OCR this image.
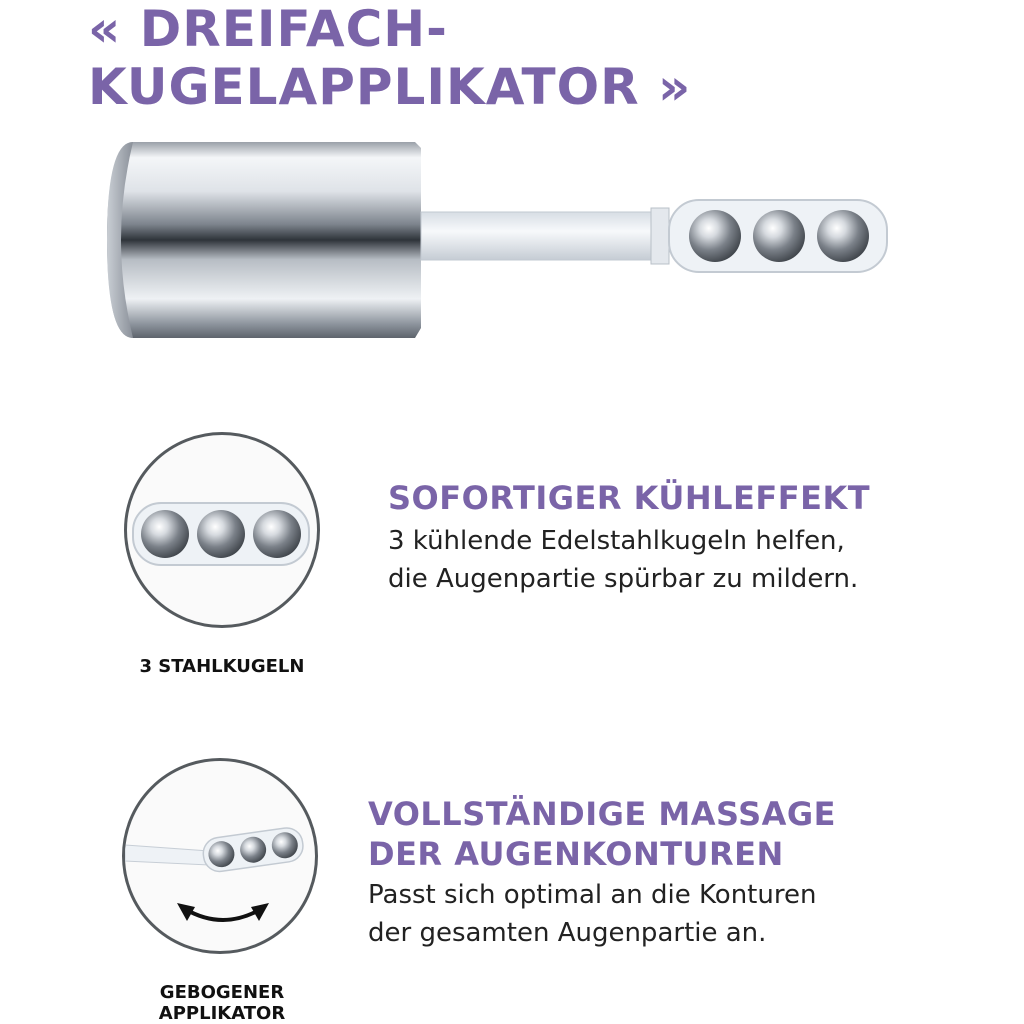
« DREIFACH-
KUGELAPPLIKATOR »
3 STAHLKUGELN
SOFORTIGER KÜHLEFFEKT

3 kühlende Edelstahlkugeln helfen,
die Augenpartie spürbar zu mildern.

GEBOGENER
APPLIKATOR
VOLLSTÄNDIGE MASSAGE
DER AUGENKONTUREN

Passt sich optimal an die Konturen
der gesamten Augenpartie an.
